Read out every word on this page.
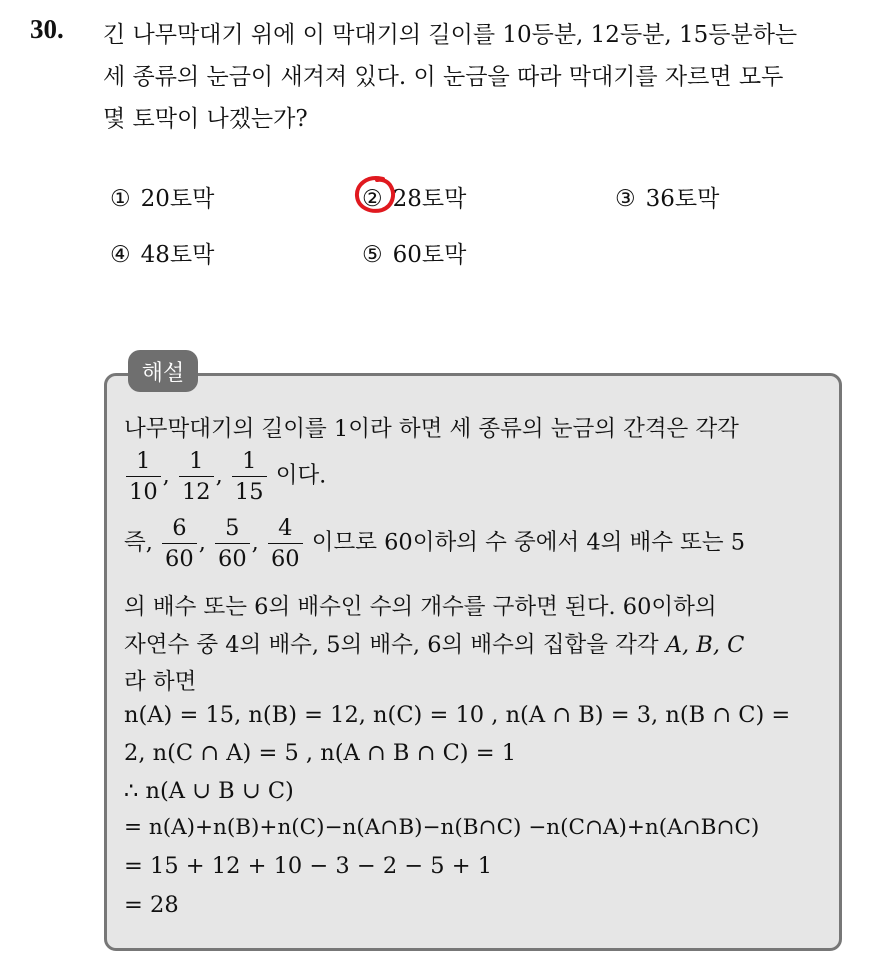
30. 긴 나무막대기 위에 이 막대기의 길이를 10등분, 12등분, 15등분하는
세 종류의 눈금이 새겨져 있다. 이 눈금을 따라 막대기를 자르면 모두
몇 토막이 나겠는가?
① 20토막	② 28토막	③ 36토막
④ 48토막	⑤ 60토막
해설
나무막대기의 길이를 1이라 하면 세 종류의 눈금의 간격은 각각
$\frac{1}{10}$ , $\frac{1}{12}$ , $\frac{1}{15}$ 이다.
즉, $\frac{6}{60}$ , $\frac{5}{60}$ , $\frac{4}{60}$ 이므로 60이하의 수 중에서 4의 배수 또는 5
의 배수 또는 6의 배수인 수의 개수를 구하면 된다. 60이하의
자연수 중 4의 배수, 5의 배수, 6의 배수의 집합을 각각 A, B, C
라 하면
n(A) = 15, n(B) = 12, n(C) = 10 , n(A ∩ B) = 3, n(B ∩ C) =
2, n(C ∩ A) = 5 , n(A ∩ B ∩ C) = 1
∴ n(A ∪ B ∪ C)
= n(A)+n(B)+n(C)−n(A∩B)−n(B∩C) −n(C∩A)+n(A∩B∩C)
= 15 + 12 + 10 − 3 − 2 − 5 + 1
= 28
